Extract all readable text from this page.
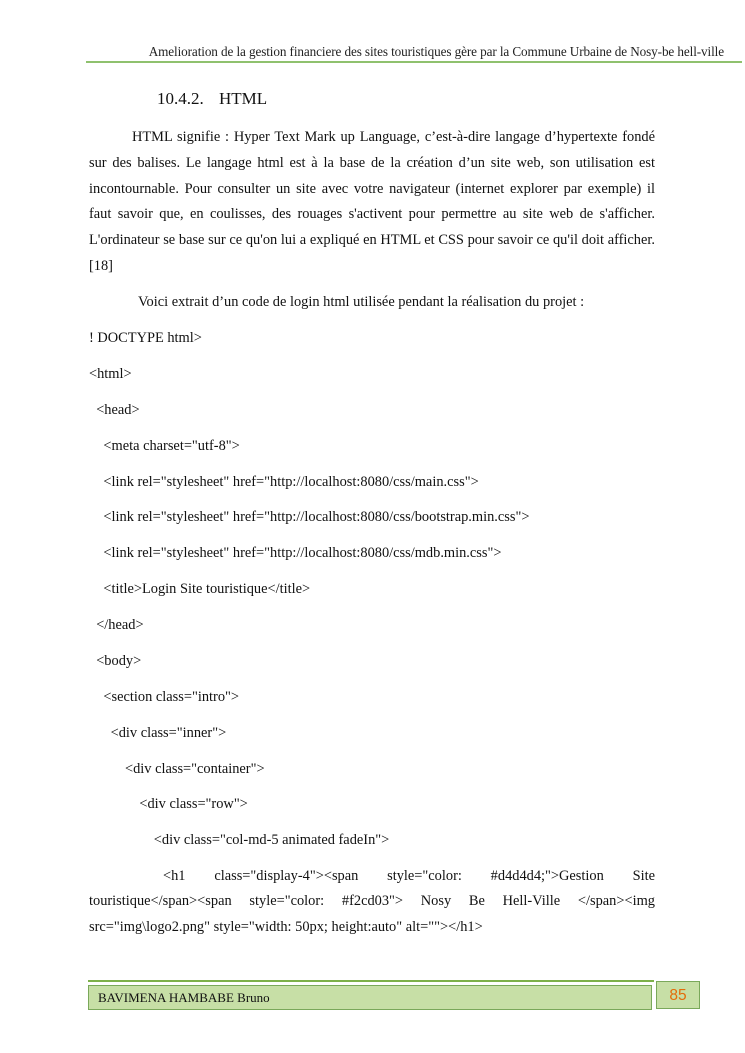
Amelioration de la gestion financiere des sites touristiques gère par la Commune Urbaine de Nosy-be hell-ville
10.4.2. HTML
HTML signifie : Hyper Text Mark up Language, c’est-à-dire langage d’hypertexte fondé sur des balises. Le langage html est à la base de la création d’un site web, son utilisation est incontournable. Pour consulter un site avec votre navigateur (internet explorer par exemple) il faut savoir que, en coulisses, des rouages s'activent pour permettre au site web de s'afficher. L'ordinateur se base sur ce qu'on lui a expliqué en HTML et CSS pour savoir ce qu'il doit afficher. [18]
Voici extrait d’un code de login html utilisée pendant la réalisation du projet :
! DOCTYPE html>
<html>
<head>
<meta charset="utf-8">
<link rel="stylesheet" href="http://localhost:8080/css/main.css">
<link rel="stylesheet" href="http://localhost:8080/css/bootstrap.min.css">
<link rel="stylesheet" href="http://localhost:8080/css/mdb.min.css">
<title>Login Site touristique</title>
</head>
<body>
<section class="intro">
<div class="inner">
<div class="container">
<div class="row">
<div class="col-md-5 animated fadeIn">
<h1 class="display-4"><span style="color: #d4d4d4;">Gestion Site touristique</span><span style="color: #f2cd03"> Nosy Be Hell-Ville </span><img src="img\logo2.png" style="width: 50px; height:auto" alt=""></h1>
BAVIMENA HAMBABE Bruno	85
